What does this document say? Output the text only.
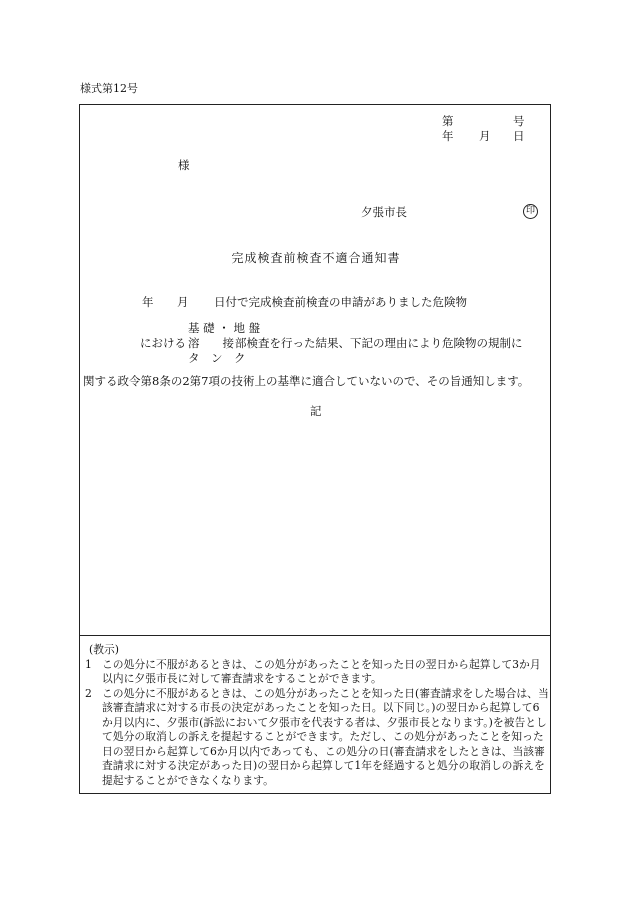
様式第12号
第	号
年 月 日
様
夕張市長	印
完成検査前検査不適合通知書
年 月 日付で完成検査前検査の申請がありました危険物
基 礎 ・ 地 盤
における 溶　　接 部検査を行った結果、下記の理由により危険物の規制に
タ　ン　ク
関する政令第8条の2第7項の技術上の基準に適合していないので、その旨通知します。
記
(教示)
1 この処分に不服があるときは、この処分があったことを知った日の翌日から起算して3か月以内に夕張市長に対して審査請求をすることができます。
2 この処分に不服があるときは、この処分があったことを知った日(審査請求をした場合は、当該審査請求に対する市長の決定があったことを知った日。以下同じ。)の翌日から起算して6か月以内に、夕張市(訴訟において夕張市を代表する者は、夕張市長となります。)を被告として処分の取消しの訴えを提起することができます。ただし、この処分があったことを知った日の翌日から起算して6か月以内であっても、この処分の日(審査請求をしたときは、当該審査請求に対する決定があった日)の翌日から起算して1年を経過すると処分の取消しの訴えを提起することができなくなります。
